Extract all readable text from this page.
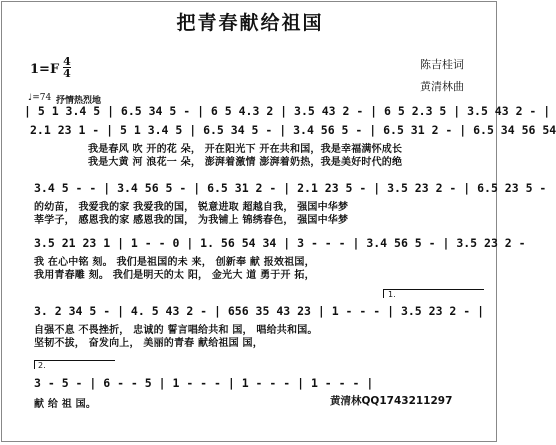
把青春献给祖国
1=F
4
4
陈吉桂词
黄清林曲
♩=74 抒情热烈地
| 5 1 3.4 5 | 6.5 34 5 - | 6 5 4.3 2 | 3.5 43 2 - | 6 5 2.3 5 | 3.5 43 2 - |
2.1 23 1 - | 5 1 3.4 5 | 6.5 34 5 - | 3.4 56 5 - | 6.5 31 2 - | 6.5 34 56 54
我是春风 吹 开的花 朵， 开在阳光下 开在共和国，我是幸福满怀成长
我是大黄 河 浪花一 朵， 澎湃着激情 澎湃着奶热，我是美好时代的绝
3.4 5 - - | 3.4 56 5 - | 6.5 31 2 - | 2.1 23 5 - | 3.5 23 2 - | 6.5 23 5 -
的幼苗， 我爱我的家 我爱我的国， 锐意进取 超越自我， 强国中华梦
莘学子， 感恩我的家 感恩我的国， 为我铺上 锦绣春色， 强国中华梦
3.5 21 23 1 | 1 - - 0 | 1. 56 54 34 | 3 - - - | 3.4 56 5 - | 3.5 23 2 -
我 在心中铭 刻。 我们是祖国的未 来， 创新奉 献 报效祖国，
我用青春雕 刻。 我们是明天的太 阳， 金光大 道 勇于开 拓，
1.
3. 2 34 5 - | 4. 5 43 2 - | 656 35 43 23 | 1 - - - | 3.5 23 2 - |
自强不息 不畏挫折， 忠诚的 誓言唱给共和 国， 唱给共和国。
坚韧不拔， 奋发向上， 美丽的青春 献给祖国 国，
2.
3 - 5 - | 6 - - 5 | 1 - - - | 1 - - - | 1 - - - |
献 给 祖 国。	黄清林QQ1743211297
